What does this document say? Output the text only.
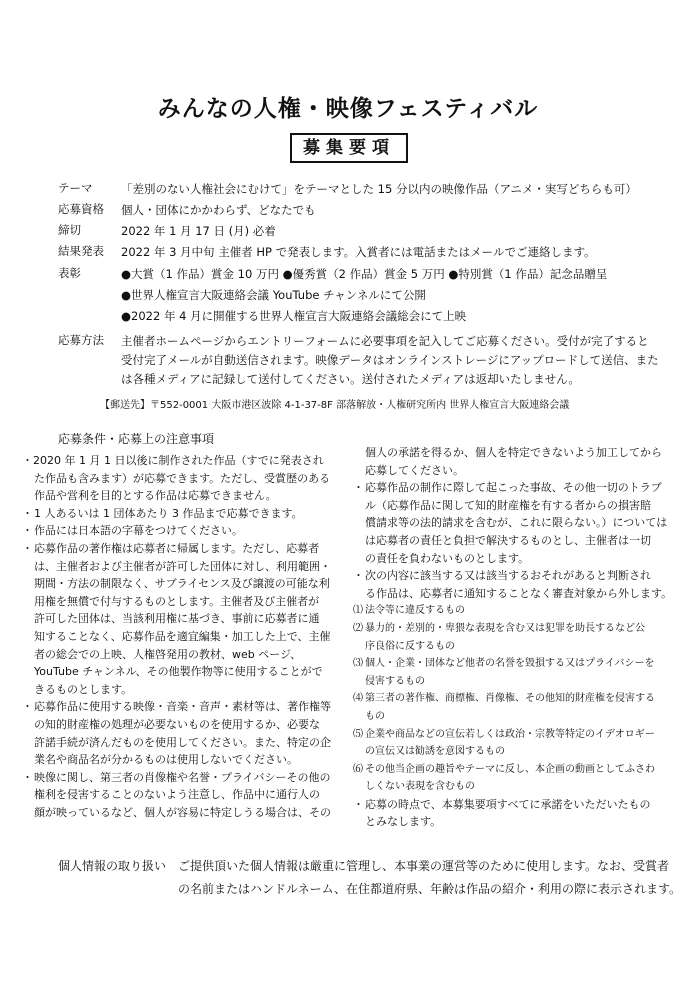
みんなの人権・映像フェスティバル
募集要項
テーマ	「差別のない人権社会にむけて」をテーマとした 15 分以内の映像作品（アニメ・実写どちらも可）
応募資格	個人・団体にかかわらず、どなたでも
締切	2022 年 1 月 17 日 (月) 必着
結果発表	2022 年 3 月中旬 主催者 HP で発表します。入賞者には電話またはメールでご連絡します。
表彰	●大賞（1 作品）賞金 10 万円 ●優秀賞（2 作品）賞金 5 万円 ●特別賞（1 作品）記念品贈呈
●世界人権宣言大阪連絡会議 YouTube チャンネルにて公開
●2022 年 4 月に開催する世界人権宣言大阪連絡会議総会にて上映
応募方法	主催者ホームページからエントリーフォームに必要事項を記入してご応募ください。受付が完了すると
受付完了メールが自動送信されます。映像データはオンラインストレージにアップロードして送信、また
は各種メディアに記録して送付してください。送付されたメディアは返却いたしません。
【郵送先】〒552-0001 大阪市港区波除 4-1-37-8F 部落解放・人権研究所内 世界人権宣言大阪連絡会議
応募条件・応募上の注意事項

・2020 年 1 月 1 日以後に制作された作品（すでに発表され

た作品も含みます）が応募できます。ただし、受賞歴のある

作品や営利を目的とする作品は応募できません。

・1 人あるいは 1 団体あたり 3 作品まで応募できます。

・作品には日本語の字幕をつけてください。

・応募作品の著作権は応募者に帰属します。ただし、応募者

は、主催者および主催者が許可した団体に対し、利用範囲・

期間・方法の制限なく、サブライセンス及び譲渡の可能な利

用権を無償で付与するものとします。主催者及び主催者が

許可した団体は、当該利用権に基づき、事前に応募者に通

知することなく、応募作品を適宜編集・加工した上で、主催

者の総会での上映、人権啓発用の教材、web ページ、

YouTube チャンネル、その他製作物等に使用することがで

きるものとします。

・応募作品に使用する映像・音楽・音声・素材等は、著作権等

の知的財産権の処理が必要ないものを使用するか、必要な

許諾手続が済んだものを使用してください。また、特定の企

業名や商品名が分かるものは使用しないでください。

・映像に関し、第三者の肖像権や名誉・プライバシーその他の

権利を侵害することのないよう注意し、作品中に通行人の

顔が映っているなど、個人が容易に特定しうる場合は、その

個人の承諾を得るか、個人を特定できないよう加工してから

応募してください。

・応募作品の制作に際して起こった事故、その他一切のトラブ

ル（応募作品に関して知的財産権を有する者からの損害賠

償請求等の法的請求を含むが、これに限らない。）については

は応募者の責任と負担で解決するものとし、主催者は一切

の責任を負わないものとします。

・次の内容に該当する又は該当するおそれがあると判断され

る作品は、応募者に通知することなく審査対象から外します。

⑴ 法令等に違反するもの

⑵ 暴力的・差別的・卑猥な表現を含む又は犯罪を助長するなど公

序良俗に反するもの

⑶ 個人・企業・団体など他者の名誉を毀損する又はプライバシーを

侵害するもの

⑷ 第三者の著作権、商標権、肖像権、その他知的財産権を侵害する

もの

⑸ 企業や商品などの宣伝若しくは政治・宗教等特定のイデオロギー

の宣伝又は勧誘を意図するもの

⑹ その他当企画の趣旨やテーマに反し、本企画の動画としてふさわ

しくない表現を含むもの

・応募の時点で、本募集要項すべてに承諾をいただいたもの

とみなします。

個人情報の取り扱い ご提供頂いた個人情報は厳重に管理し、本事業の運営等のために使用します。なお、受賞者
の名前またはハンドルネーム、在住都道府県、年齢は作品の紹介・利用の際に表示されます。
